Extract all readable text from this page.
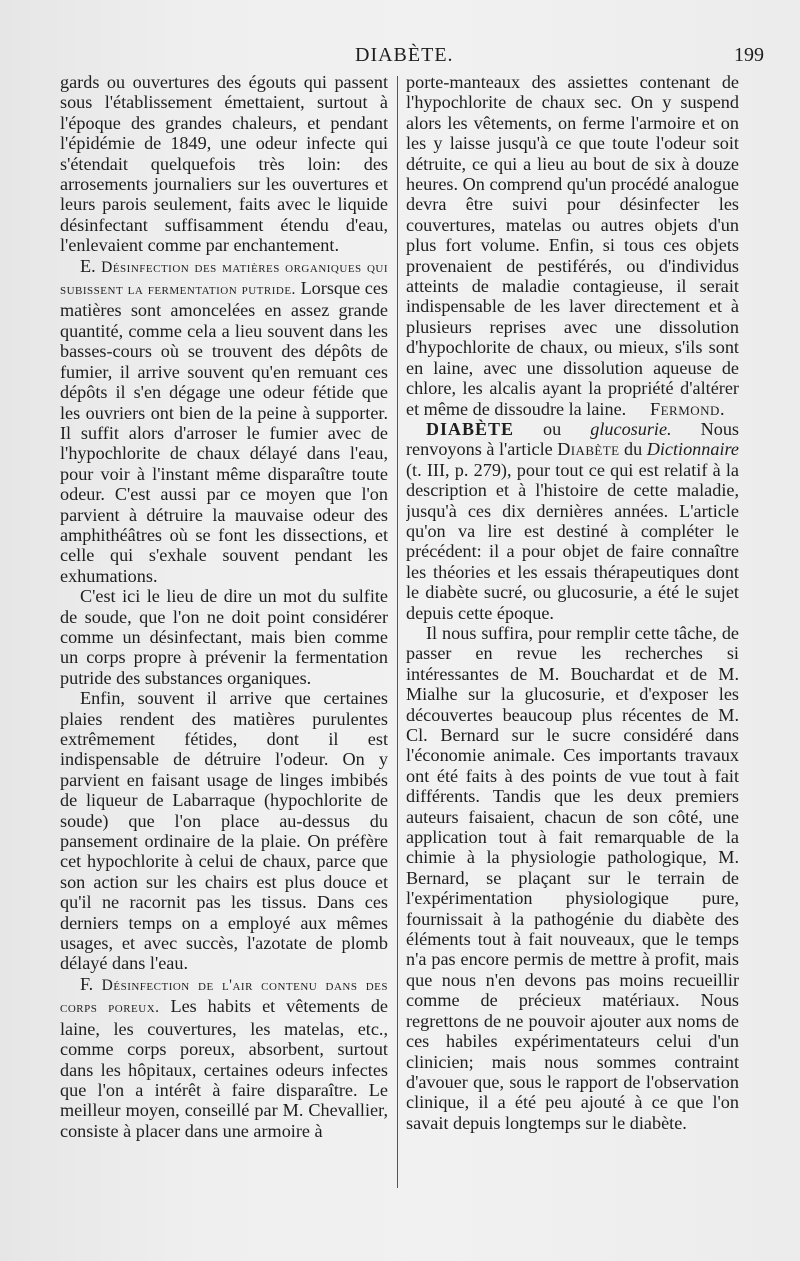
DIABÈTE.	199

gards ou ouvertures des égouts qui passent sous l'établissement émettaient, surtout à l'époque des grandes chaleurs, et pendant l'épidémie de 1849, une odeur infecte qui s'étendait quelquefois très loin: des arrosements journaliers sur les ouvertures et leurs parois seulement, faits avec le liquide désinfectant suffisamment étendu d'eau, l'enlevaient comme par enchantement.

E. Désinfection des matières organiques qui subissent la fermentation putride. Lorsque ces matières sont amoncelées en assez grande quantité, comme cela a lieu souvent dans les basses-cours où se trouvent des dépôts de fumier, il arrive souvent qu'en remuant ces dépôts il s'en dégage une odeur fétide que les ouvriers ont bien de la peine à supporter. Il suffit alors d'arroser le fumier avec de l'hypochlorite de chaux délayé dans l'eau, pour voir à l'instant même disparaître toute odeur. C'est aussi par ce moyen que l'on parvient à détruire la mauvaise odeur des amphithéâtres où se font les dissections, et celle qui s'exhale souvent pendant les exhumations.

C'est ici le lieu de dire un mot du sulfite de soude, que l'on ne doit point considérer comme un désinfectant, mais bien comme un corps propre à prévenir la fermentation putride des substances organiques.

Enfin, souvent il arrive que certaines plaies rendent des matières purulentes extrêmement fétides, dont il est indispensable de détruire l'odeur. On y parvient en faisant usage de linges imbibés de liqueur de Labarraque (hypochlorite de soude) que l'on place au-dessus du pansement ordinaire de la plaie. On préfère cet hypochlorite à celui de chaux, parce que son action sur les chairs est plus douce et qu'il ne racornit pas les tissus. Dans ces derniers temps on a employé aux mêmes usages, et avec succès, l'azotate de plomb délayé dans l'eau.

F. Désinfection de l'air contenu dans des corps poreux. Les habits et vêtements de laine, les couvertures, les matelas, etc., comme corps poreux, absorbent, surtout dans les hôpitaux, certaines odeurs infectes que l'on a intérêt à faire disparaître. Le meilleur moyen, conseillé par M. Chevallier, consiste à placer dans une armoire à

porte-manteaux des assiettes contenant de l'hypochlorite de chaux sec. On y suspend alors les vêtements, on ferme l'armoire et on les y laisse jusqu'à ce que toute l'odeur soit détruite, ce qui a lieu au bout de six à douze heures. On comprend qu'un procédé analogue devra être suivi pour désinfecter les couvertures, matelas ou autres objets d'un plus fort volume. Enfin, si tous ces objets provenaient de pestiférés, ou d'individus atteints de maladie contagieuse, il serait indispensable de les laver directement et à plusieurs reprises avec une dissolution d'hypochlorite de chaux, ou mieux, s'ils sont en laine, avec une dissolution aqueuse de chlore, les alcalis ayant la propriété d'altérer et même de dissoudre la laine. Fermond.

DIABÈTE ou glucosurie. Nous renvoyons à l'article Diabète du Dictionnaire (t. III, p. 279), pour tout ce qui est relatif à la description et à l'histoire de cette maladie, jusqu'à ces dix dernières années. L'article qu'on va lire est destiné à compléter le précédent: il a pour objet de faire connaître les théories et les essais thérapeutiques dont le diabète sucré, ou glucosurie, a été le sujet depuis cette époque.

Il nous suffira, pour remplir cette tâche, de passer en revue les recherches si intéressantes de M. Bouchardat et de M. Mialhe sur la glucosurie, et d'exposer les découvertes beaucoup plus récentes de M. Cl. Bernard sur le sucre considéré dans l'économie animale. Ces importants travaux ont été faits à des points de vue tout à fait différents. Tandis que les deux premiers auteurs faisaient, chacun de son côté, une application tout à fait remarquable de la chimie à la physiologie pathologique, M. Bernard, se plaçant sur le terrain de l'expérimentation physiologique pure, fournissait à la pathogénie du diabète des éléments tout à fait nouveaux, que le temps n'a pas encore permis de mettre à profit, mais que nous n'en devons pas moins recueillir comme de précieux matériaux. Nous regrettons de ne pouvoir ajouter aux noms de ces habiles expérimentateurs celui d'un clinicien; mais nous sommes contraint d'avouer que, sous le rapport de l'observation clinique, il a été peu ajouté à ce que l'on savait depuis longtemps sur le diabète.
